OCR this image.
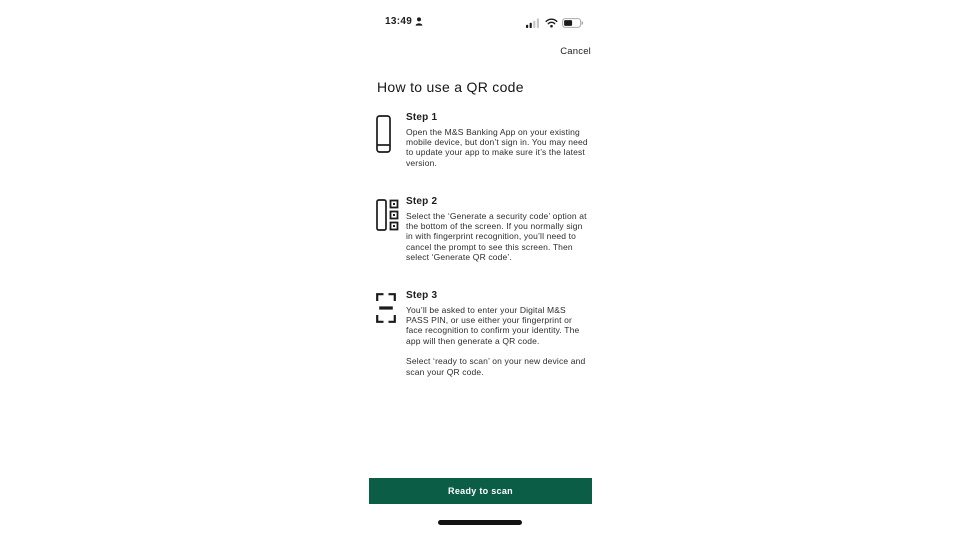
13:49
Cancel
How to use a QR code
Step 1
Open the M&S Banking App on your existing mobile device, but don’t sign in. You may need to update your app to make sure it’s the latest version.
Step 2
Select the ‘Generate a security code’ option at the bottom of the screen. If you normally sign in with fingerprint recognition, you’ll need to cancel the prompt to see this screen. Then select ‘Generate QR code’.
Step 3
You’ll be asked to enter your Digital M&S PASS PIN, or use either your fingerprint or face recognition to confirm your identity. The app will then generate a QR code.
Select ‘ready to scan’ on your new device and scan your QR code.
Ready to scan
